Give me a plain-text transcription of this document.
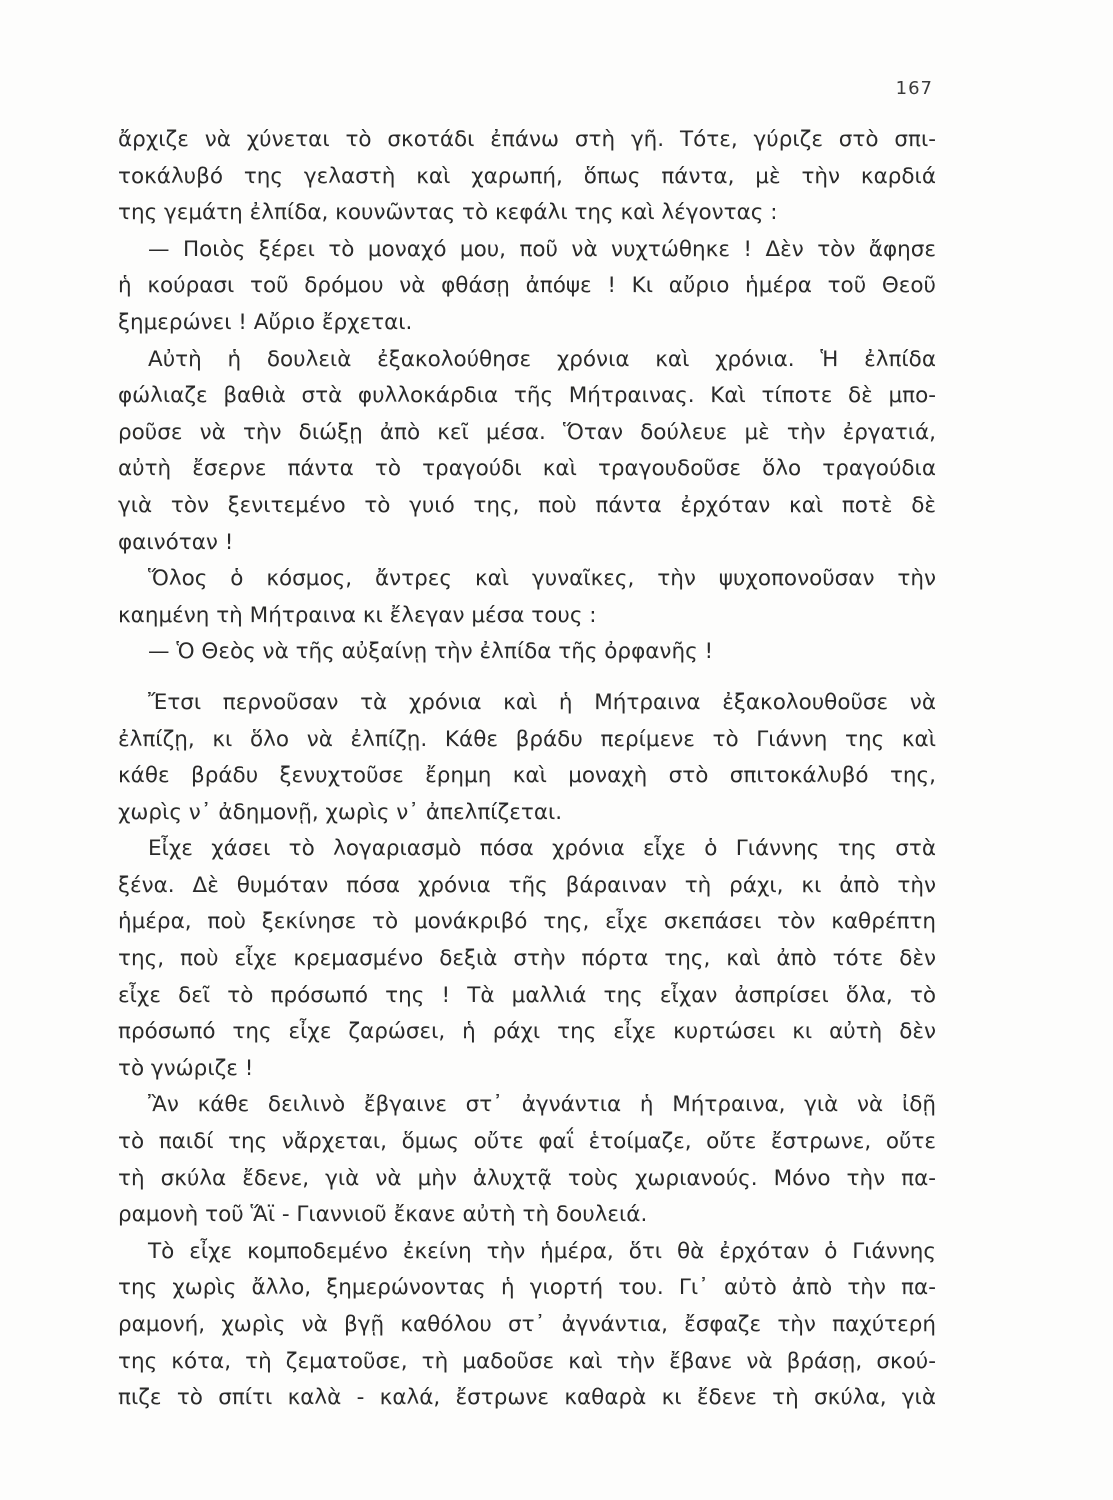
167
ἄρχιζε νὰ χύνεται τὸ σκοτάδι ἐπάνω στὴ γῆ. Τότε, γύριζε στὸ σπι-
τοκάλυβό της γελαστὴ καὶ χαρωπή, ὅπως πάντα, μὲ τὴν καρδιά
της γεμάτη ἐλπίδα, κουνῶντας τὸ κεφάλι της καὶ λέγοντας :
— Ποιὸς ξέρει τὸ μοναχό μου, ποῦ νὰ νυχτώθηκε ! Δὲν τὸν ἄφησε
ἡ κούρασι τοῦ δρόμου νὰ φθάσῃ ἀπόψε ! Κι αὔριο ἡμέρα τοῦ Θεοῦ
ξημερώνει ! Αὔριο ἔρχεται.
Αὐτὴ ἡ δουλειὰ ἐξακολούθησε χρόνια καὶ χρόνια. Ἡ ἐλπίδα
φώλιαζε βαθιὰ στὰ φυλλοκάρδια τῆς Μήτραινας. Καὶ τίποτε δὲ μπο-
ροῦσε νὰ τὴν διώξῃ ἀπὸ κεῖ μέσα. Ὅταν δούλευε μὲ τὴν ἐργατιά,
αὐτὴ ἔσερνε πάντα τὸ τραγούδι καὶ τραγουδοῦσε ὅλο τραγούδια
γιὰ τὸν ξενιτεμένο τὸ γυιό της, ποὺ πάντα ἐρχόταν καὶ ποτὲ δὲ
φαινόταν !
Ὅλος ὁ κόσμος, ἄντρες καὶ γυναῖκες, τὴν ψυχοπονοῦσαν τὴν
καημένη τὴ Μήτραινα κι ἔλεγαν μέσα τους :
— Ὁ Θεὸς νὰ τῆς αὐξαίνῃ τὴν ἐλπίδα τῆς ὀρφανῆς !
Ἔτσι περνοῦσαν τὰ χρόνια καὶ ἡ Μήτραινα ἐξακολουθοῦσε νὰ
ἐλπίζῃ, κι ὅλο νὰ ἐλπίζῃ. Κάθε βράδυ περίμενε τὸ Γιάννη της καὶ
κάθε βράδυ ξενυχτοῦσε ἔρημη καὶ μοναχὴ στὸ σπιτοκάλυβό της,
χωρὶς ν᾽ ἀδημονῇ, χωρὶς ν᾽ ἀπελπίζεται.
Εἶχε χάσει τὸ λογαριασμὸ πόσα χρόνια εἶχε ὁ Γιάννης της στὰ
ξένα. Δὲ θυμόταν πόσα χρόνια τῆς βάραιναν τὴ ράχι, κι ἀπὸ τὴν
ἡμέρα, ποὺ ξεκίνησε τὸ μονάκριβό της, εἶχε σκεπάσει τὸν καθρέπτη
της, ποὺ εἶχε κρεμασμένο δεξιὰ στὴν πόρτα της, καὶ ἀπὸ τότε δὲν
εἶχε δεῖ τὸ πρόσωπό της ! Τὰ μαλλιά της εἶχαν ἀσπρίσει ὅλα, τὸ
πρόσωπό της εἶχε ζαρώσει, ἡ ράχι της εἶχε κυρτώσει κι αὐτὴ δὲν
τὸ γνώριζε !
Ἂν κάθε δειλινὸ ἔβγαινε στ᾽ ἀγνάντια ἡ Μήτραινα, γιὰ νὰ ἰδῇ
τὸ παιδί της νἄρχεται, ὅμως οὔτε φαΐ ἑτοίμαζε, οὔτε ἔστρωνε, οὔτε
τὴ σκύλα ἔδενε, γιὰ νὰ μὴν ἀλυχτᾷ τοὺς χωριανούς. Μόνο τὴν πα-
ραμονὴ τοῦ Ἅϊ - Γιαννιοῦ ἔκανε αὐτὴ τὴ δουλειά.
Τὸ εἶχε κομποδεμένο ἐκείνη τὴν ἡμέρα, ὅτι θὰ ἐρχόταν ὁ Γιάννης
της χωρὶς ἄλλο, ξημερώνοντας ἡ γιορτή του. Γι᾽ αὐτὸ ἀπὸ τὴν πα-
ραμονή, χωρὶς νὰ βγῇ καθόλου στ᾽ ἀγνάντια, ἔσφαζε τὴν παχύτερή
της κότα, τὴ ζεματοῦσε, τὴ μαδοῦσε καὶ τὴν ἔβανε νὰ βράσῃ, σκού-
πιζε τὸ σπίτι καλὰ - καλά, ἔστρωνε καθαρὰ κι ἔδενε τὴ σκύλα, γιὰ
